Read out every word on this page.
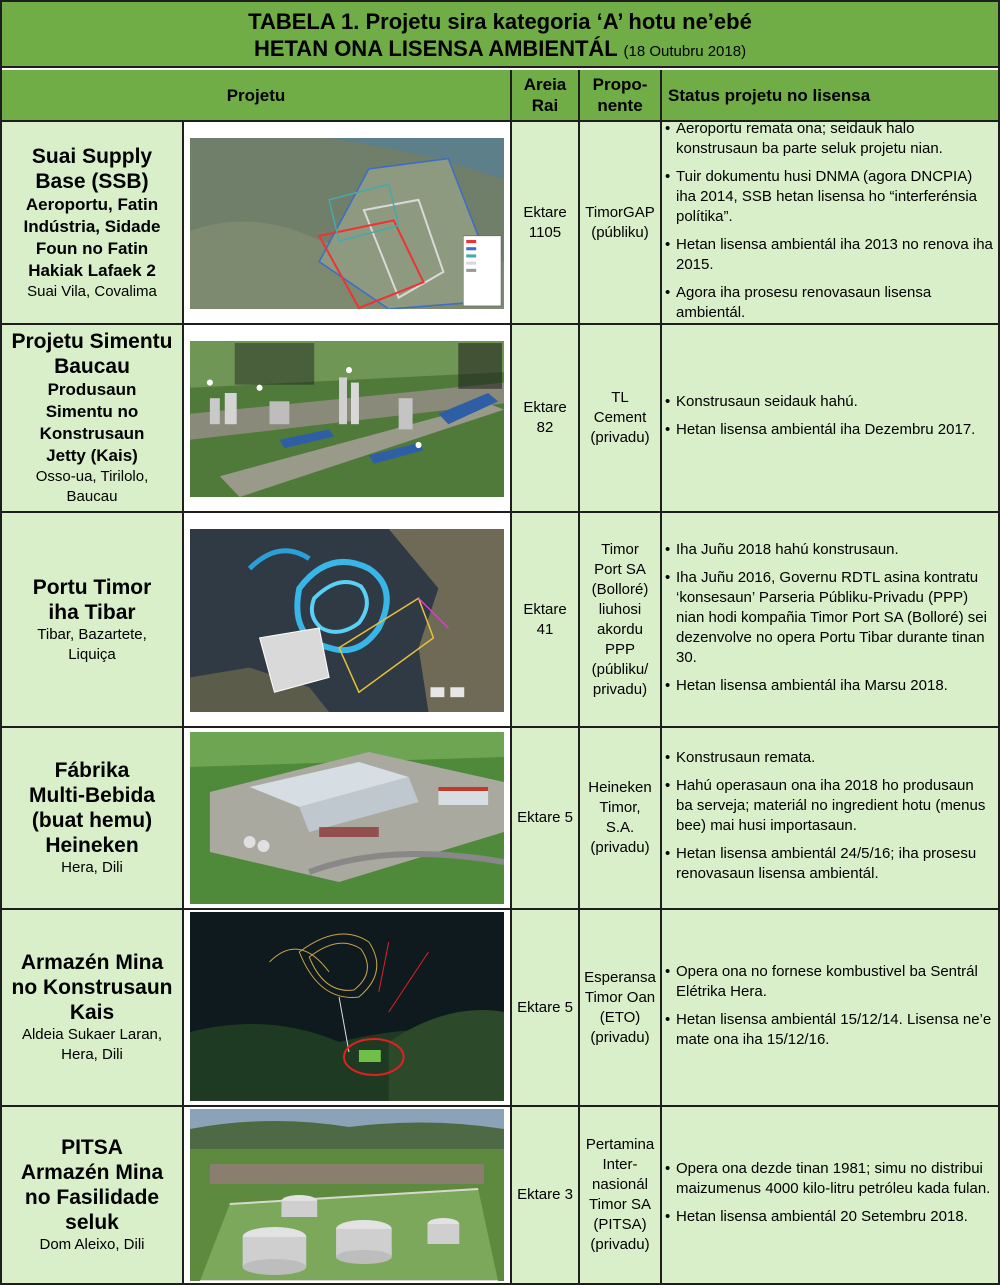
TABELA 1. Projetu sira kategoria ‘A’ hotu ne’ebé
HETAN ONA LISENSA AMBIENTÁL (18 Outubru 2018)
Projetu
Areia
Rai
Propo-
nente
Status projetu no lisensa
Suai Supply
Base (SSB)
Aeroportu, Fatin
Indústria, Sidade
Foun no Fatin
Hakiak Lafaek 2
Suai Vila, Covalima
Ektare
1105
TimorGAP
(públiku)
• Aeroportu remata ona; seidauk halo konstrusaun ba parte seluk projetu nian.
• Tuir dokumentu husi DNMA (agora DNCPIA) iha 2014, SSB hetan lisensa ho “interferénsia polítika”.
• Hetan lisensa ambientál iha 2013 no renova iha 2015.
• Agora iha prosesu renovasaun lisensa ambientál.
Projetu Simentu
Baucau
Produsaun
Simentu no
Konstrusaun
Jetty (Kais)
Osso-ua, Tirilolo,
Baucau
Ektare
82
TL
Cement
(privadu)
• Konstrusaun seidauk hahú.
• Hetan lisensa ambientál iha Dezembru 2017.
Portu Timor
iha Tibar
Tibar, Bazartete,
Liquiça
Ektare
41
Timor
Port SA
(Bolloré)
liuhosi
akordu
PPP
(públiku/
privadu)
• Iha Juñu 2018 hahú konstrusaun.
• Iha Juñu 2016, Governu RDTL asina kontratu ‘konsesaun’ Parseria Públiku-Privadu (PPP) nian hodi kompañia Timor Port SA (Bolloré) sei dezenvolve no opera Portu Tibar durante tinan 30.
• Hetan lisensa ambientál iha Marsu 2018.
Fábrika
Multi-Bebida
(buat hemu)
Heineken
Hera, Dili
Ektare 5
Heineken
Timor,
S.A.
(privadu)
• Konstrusaun remata.
• Hahú operasaun ona iha 2018 ho produsaun ba serveja; materiál no ingredient hotu (menus bee) mai husi importasaun.
• Hetan lisensa ambientál 24/5/16; iha prosesu renovasaun lisensa ambientál.
Armazén Mina
no Konstrusaun
Kais
Aldeia Sukaer Laran,
Hera, Dili
Ektare 5
Esperansa
Timor Oan
(ETO)
(privadu)
• Opera ona no fornese kombustivel ba Sentrál Elétrika Hera.
• Hetan lisensa ambientál 15/12/14. Lisensa ne’e mate ona iha 15/12/16.
PITSA
Armazén Mina
no Fasilidade
seluk
Dom Aleixo, Dili
Ektare 3
Pertamina
Inter-
nasionál
Timor SA
(PITSA)
(privadu)
• Opera ona dezde tinan 1981; simu no distribui maizumenus 4000 kilo-litru petróleu kada fulan.
• Hetan lisensa ambientál 20 Setembru 2018.
